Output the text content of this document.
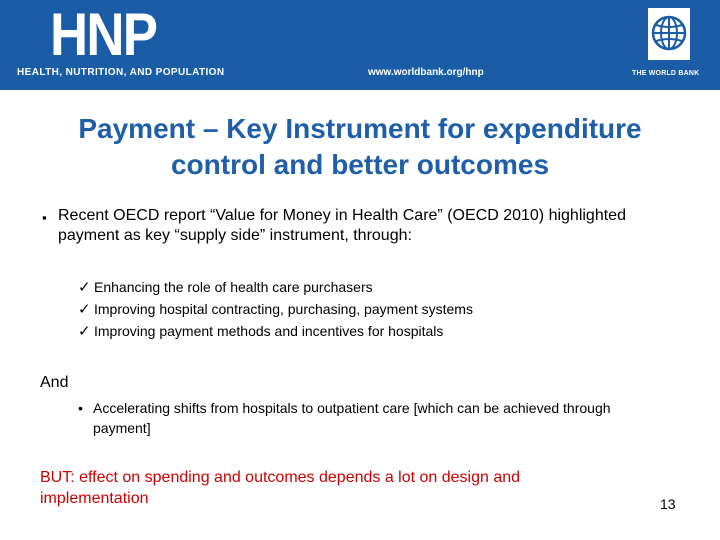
HNP
HEALTH, NUTRITION, AND POPULATION	www.worldbank.org/hnp	THE WORLD BANK
Payment – Key Instrument for expenditure
control and better outcomes
▪ Recent OECD report “Value for Money in Health Care” (OECD 2010) highlighted payment as key “supply side” instrument, through:
✓ Enhancing the role of health care purchasers
✓ Improving hospital contracting, purchasing, payment systems
✓ Improving payment methods and incentives for hospitals
And
• Accelerating shifts from hospitals to outpatient care [which can be achieved through payment]
BUT: effect on spending and outcomes depends a lot on design and implementation	13
